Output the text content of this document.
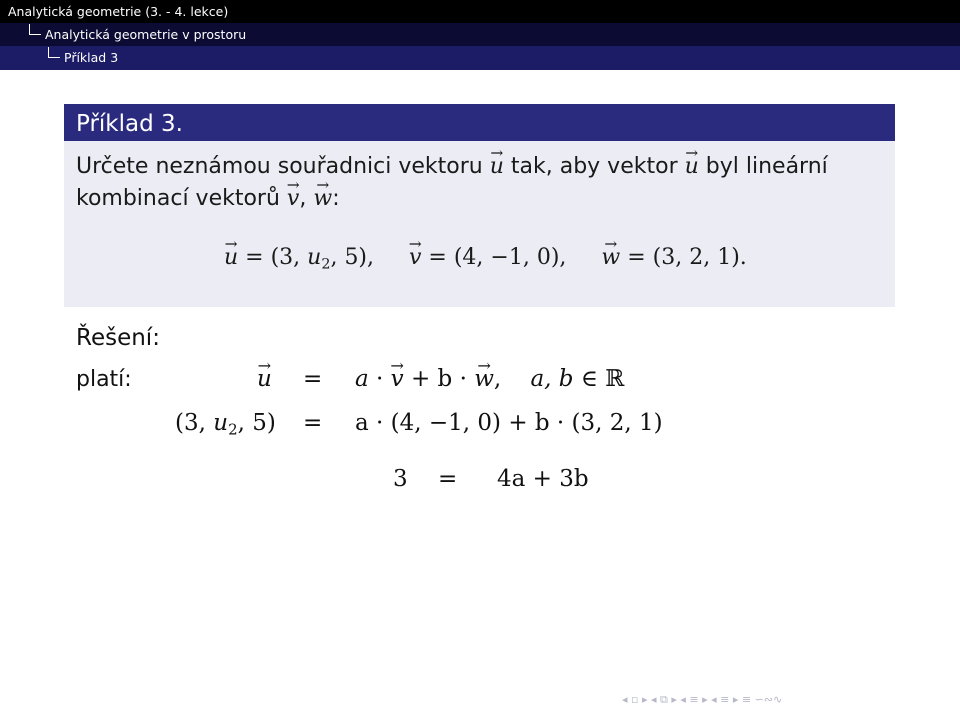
Analytická geometrie (3. - 4. lekce)
Analytická geometrie v prostoru
Příklad 3
Příklad 3.
Určete neznámou souřadnici vektoru → u tak, aby vektor → u byl lineární
kombinací vektorů → v, → w:
→ u = (3, $u_2$, 5), → v = (4, −1, 0), → w = (3, 2, 1).
Řešení:
platí:	→ u = a · → v + b · → w, a, b ∈ ℝ
(3, $u_2$, 5) = a · (4, −1, 0) + b · (3, 2, 1)
3 = 4a + 3b
◂ ▫ ▸ ◂ ⧉ ▸ ◂ ≡ ▸ ◂ ≡ ▸ ≡ ∽∾∿
